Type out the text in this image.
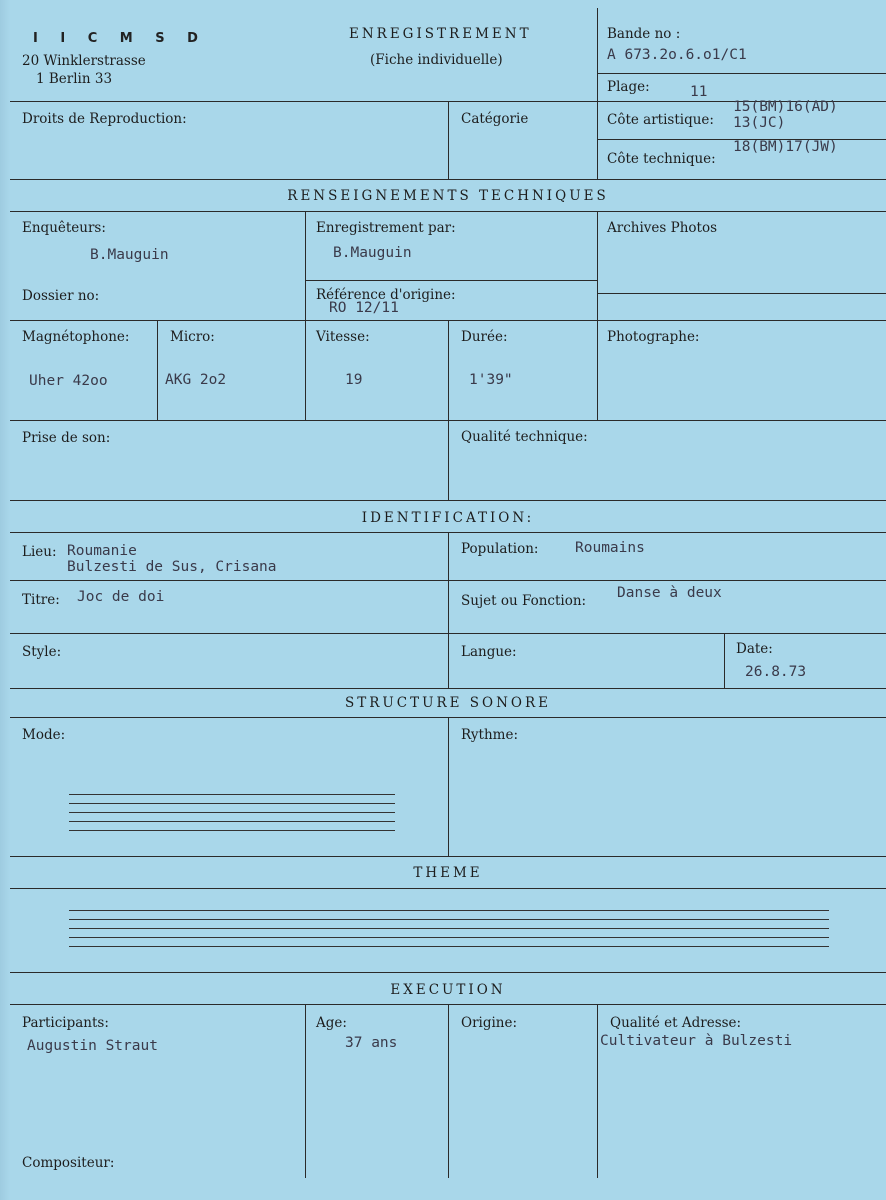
I I C M S D
20 Winklerstrasse
1 Berlin 33
ENREGISTREMENT
(Fiche individuelle)
Bande no :
A 673.2o.6.o1/C1
Plage:	11
Droits de Reproduction:	Catégorie	Côte artistique:
15(BM)16(AD)
13(JC)
Côte technique:
18(BM)17(JW)
RENSEIGNEMENTS TECHNIQUES
Enquêteurs:
B.Mauguin
Enregistrement par:
B.Mauguin
Archives Photos
Dossier no:	Référence d'origine:
RO 12/11
Magnétophone:
Uher 42oo
Micro:
AKG 2o2
Vitesse:
19
Durée:
1'39"
Photographe:
Prise de son:	Qualité technique:
IDENTIFICATION:
Lieu: Roumanie
Bulzesti de Sus, Crisana
Population:	Roumains
Titre: Joc de doi	Sujet ou Fonction: Danse à deux
Style:	Langue:	Date:
26.8.73
STRUCTURE SONORE
Mode:	Rythme:
THEME
EXECUTION
Participants:
Augustin Straut
Age:
37 ans
Origine:	Qualité et Adresse:
Cultivateur à Bulzesti
Compositeur:
